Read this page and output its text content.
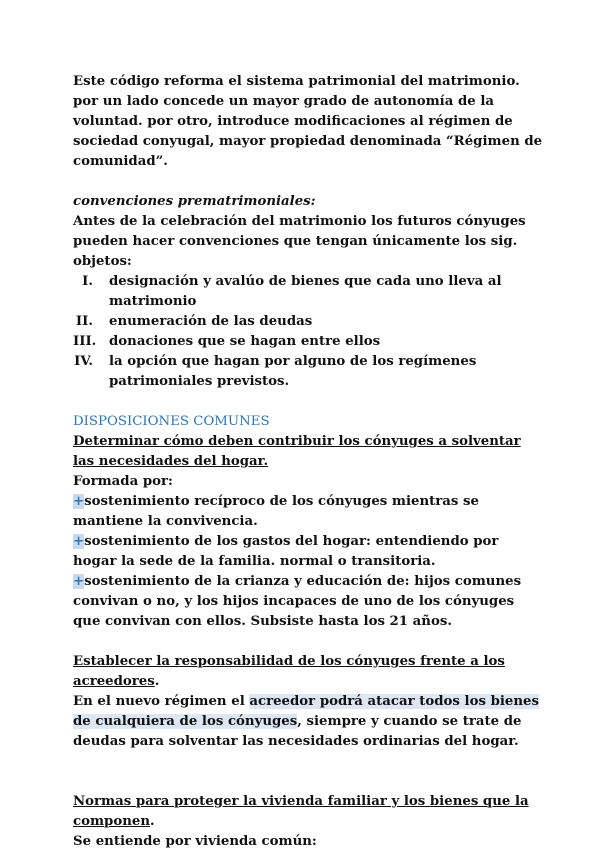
Este código reforma el sistema patrimonial del matrimonio. por un lado concede un mayor grado de autonomía de la voluntad. por otro, introduce modificaciones al régimen de sociedad conyugal, mayor propiedad denominada “Régimen de comunidad”.

convenciones prematrimoniales:

Antes de la celebración del matrimonio los futuros cónyuges pueden hacer convenciones que tengan únicamente los sig. objetos:

I. designación y avalúo de bienes que cada uno lleva al matrimonio
II. enumeración de las deudas
III. donaciones que se hagan entre ellos
IV. la opción que hagan por alguno de los regímenes patrimoniales previstos.

DISPOSICIONES COMUNES

Determinar cómo deben contribuir los cónyuges a solventar las necesidades del hogar.

Formada por:

+sostenimiento recíproco de los cónyuges mientras se mantiene la convivencia.

+sostenimiento de los gastos del hogar: entendiendo por hogar la sede de la familia. normal o transitoria.

+sostenimiento de la crianza y educación de: hijos comunes convivan o no, y los hijos incapaces de uno de los cónyuges que convivan con ellos. Subsiste hasta los 21 años.

Establecer la responsabilidad de los cónyuges frente a los acreedores.

En el nuevo régimen el acreedor podrá atacar todos los bienes de cualquiera de los cónyuges, siempre y cuando se trate de deudas para solventar las necesidades ordinarias del hogar.

Normas para proteger la vivienda familiar y los bienes que la componen.

Se entiende por vivienda común:
